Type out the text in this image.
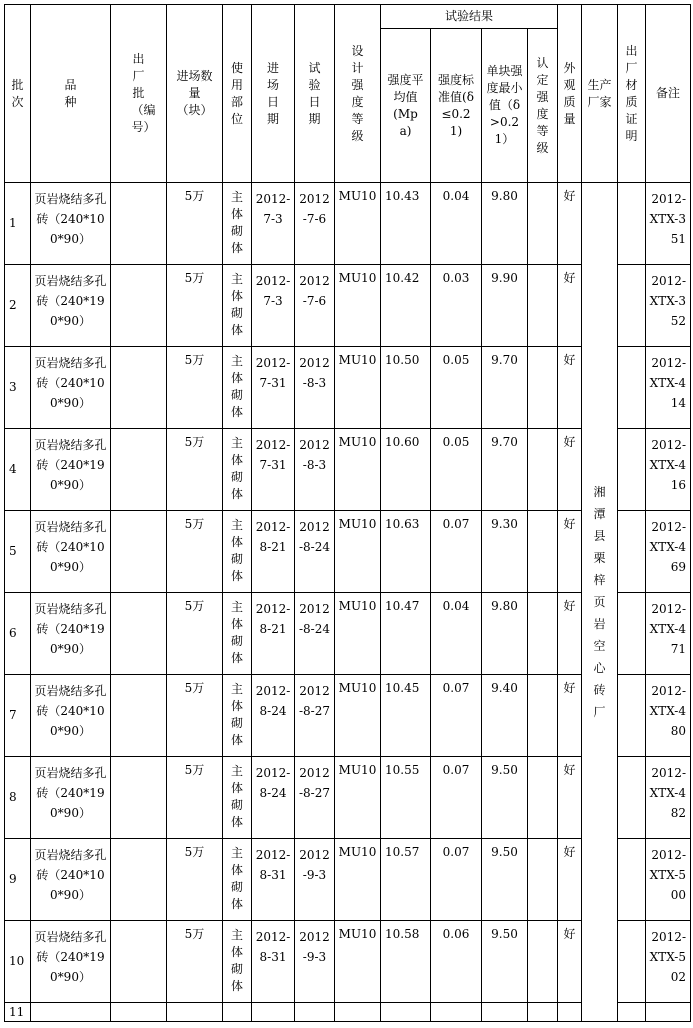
批次	品种	出厂批（编号）	进场数量（块）	使用部位	进场日期	试验日期	设计强度等级	试验结果				外观质量	生产厂家	出厂材质证明	备注
								强度平均值(Mpa)	强度标准值(δ≤0.21)	单块强度最小值（δ>0.21）	认定强度等级				
1	页岩烧结多孔砖（240*100*90）		5万	主体砌体	2012-7-3	2012-7-6	MU10	10.43	0.04	9.80		好	湘潭县栗梓页岩空心砖厂		2012-XTX-351

2	页岩烧结多孔砖（240*190*90）		5万	主体砌体	2012-7-3	2012-7-6	MU10	10.42	0.03	9.90		好			2012-XTX-352

3	页岩烧结多孔砖（240*100*90）		5万	主体砌体	2012-7-31	2012-8-3	MU10	10.50	0.05	9.70		好			2012-XTX-414

4	页岩烧结多孔砖（240*190*90）		5万	主体砌体	2012-7-31	2012-8-3	MU10	10.60	0.05	9.70		好			2012-XTX-416

5	页岩烧结多孔砖（240*100*90）		5万	主体砌体	2012-8-21	2012-8-24	MU10	10.63	0.07	9.30		好			2012-XTX-469

6	页岩烧结多孔砖（240*190*90）		5万	主体砌体	2012-8-21	2012-8-24	MU10	10.47	0.04	9.80		好			2012-XTX-471

7	页岩烧结多孔砖（240*100*90）		5万	主体砌体	2012-8-24	2012-8-27	MU10	10.45	0.07	9.40		好			2012-XTX-480

8	页岩烧结多孔砖（240*190*90）		5万	主体砌体	2012-8-24	2012-8-27	MU10	10.55	0.07	9.50		好			2012-XTX-482

9	页岩烧结多孔砖（240*100*90）		5万	主体砌体	2012-8-31	2012-9-3	MU10	10.57	0.07	9.50		好			2012-XTX-500

10	页岩烧结多孔砖（240*190*90）		5万	主体砌体	2012-8-31	2012-9-3	MU10	10.58	0.06	9.50		好			2012-XTX-502

11															
